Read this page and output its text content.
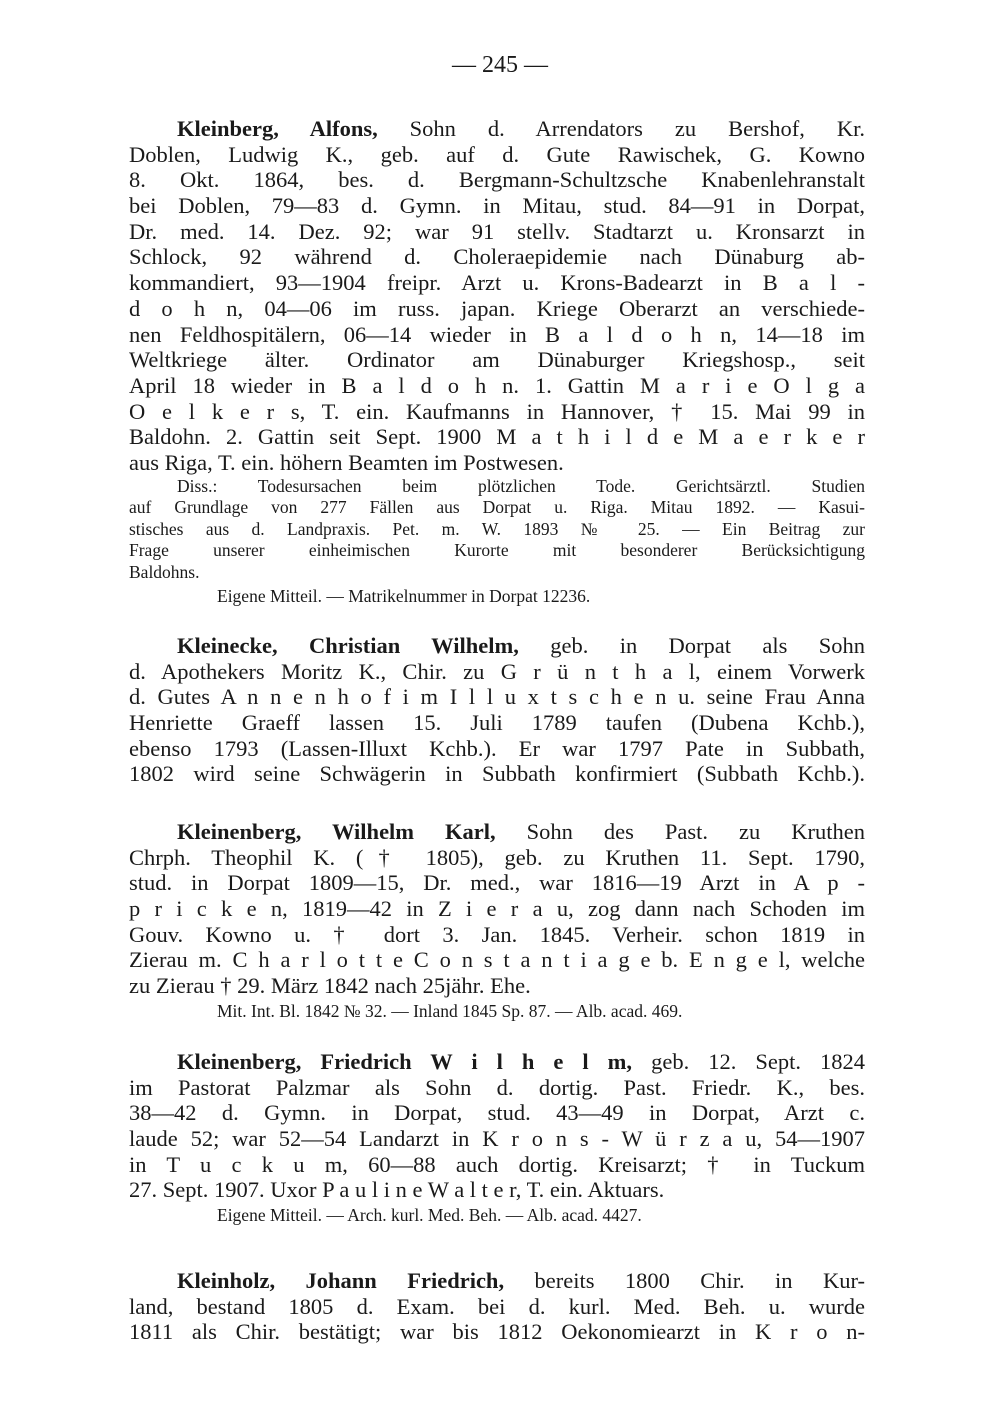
— 245 —
Kleinberg, Alfons, Sohn d. Arrendators zu Bershof, Kr.
Doblen, Ludwig K., geb. auf d. Gute Rawischek, G. Kowno
8. Okt. 1864, bes. d. Bergmann-Schultzsche Knabenlehranstalt
bei Doblen, 79—83 d. Gymn. in Mitau, stud. 84—91 in Dorpat,
Dr. med. 14. Dez. 92; war 91 stellv. Stadtarzt u. Kronsarzt in
Schlock, 92 während d. Choleraepidemie nach Dünaburg ab-
kommandiert, 93—1904 freipr. Arzt u. Krons-Badearzt in B a l -
d o h n, 04—06 im russ. japan. Kriege Oberarzt an verschiede-
nen Feldhospitälern, 06—14 wieder in B a l d o h n, 14—18 im
Weltkriege älter. Ordinator am Dünaburger Kriegshosp., seit
April 18 wieder in B a l d o h n. 1. Gattin M a r i e O l g a
O e l k e r s, T. ein. Kaufmanns in Hannover, † 15. Mai 99 in
Baldohn. 2. Gattin seit Sept. 1900 M a t h i l d e M a e r k e r
aus Riga, T. ein. höhern Beamten im Postwesen.
Diss.: Todesursachen beim plötzlichen Tode. Gerichtsärztl. Studien
auf Grundlage von 277 Fällen aus Dorpat u. Riga. Mitau 1892. — Kasui-
stisches aus d. Landpraxis. Pet. m. W. 1893 № 25. — Ein Beitrag zur
Frage unserer einheimischen Kurorte mit besonderer Berücksichtigung
Baldohns.
Eigene Mitteil. — Matrikelnummer in Dorpat 12236.
Kleinecke, Christian Wilhelm, geb. in Dorpat als Sohn
d. Apothekers Moritz K., Chir. zu G r ü n t h a l, einem Vorwerk
d. Gutes A n n e n h o f i m I l l u x t s c h e n u. seine Frau Anna
Henriette Graeff lassen 15. Juli 1789 taufen (Dubena Kchb.),
ebenso 1793 (Lassen-Illuxt Kchb.). Er war 1797 Pate in Subbath,
1802 wird seine Schwägerin in Subbath konfirmiert (Subbath Kchb.).
Kleinenberg, Wilhelm Karl, Sohn des Past. zu Kruthen
Chrph. Theophil K. († 1805), geb. zu Kruthen 11. Sept. 1790,
stud. in Dorpat 1809—15, Dr. med., war 1816—19 Arzt in A p -
p r i c k e n, 1819—42 in Z i e r a u, zog dann nach Schoden im
Gouv. Kowno u. † dort 3. Jan. 1845. Verheir. schon 1819 in
Zierau m. C h a r l o t t e C o n s t a n t i a g e b. E n g e l, welche
zu Zierau † 29. März 1842 nach 25jähr. Ehe.
Mit. Int. Bl. 1842 № 32. — Inland 1845 Sp. 87. — Alb. acad. 469.
Kleinenberg, Friedrich W i l h e l m, geb. 12. Sept. 1824
im Pastorat Palzmar als Sohn d. dortig. Past. Friedr. K., bes.
38—42 d. Gymn. in Dorpat, stud. 43—49 in Dorpat, Arzt c.
laude 52; war 52—54 Landarzt in K r o n s - W ü r z a u, 54—1907
in T u c k u m, 60—88 auch dortig. Kreisarzt; † in Tuckum
27. Sept. 1907. Uxor P a u l i n e W a l t e r, T. ein. Aktuars.
Eigene Mitteil. — Arch. kurl. Med. Beh. — Alb. acad. 4427.
Kleinholz, Johann Friedrich, bereits 1800 Chir. in Kur-
land, bestand 1805 d. Exam. bei d. kurl. Med. Beh. u. wurde
1811 als Chir. bestätigt; war bis 1812 Oekonomiearzt in K r o n-
